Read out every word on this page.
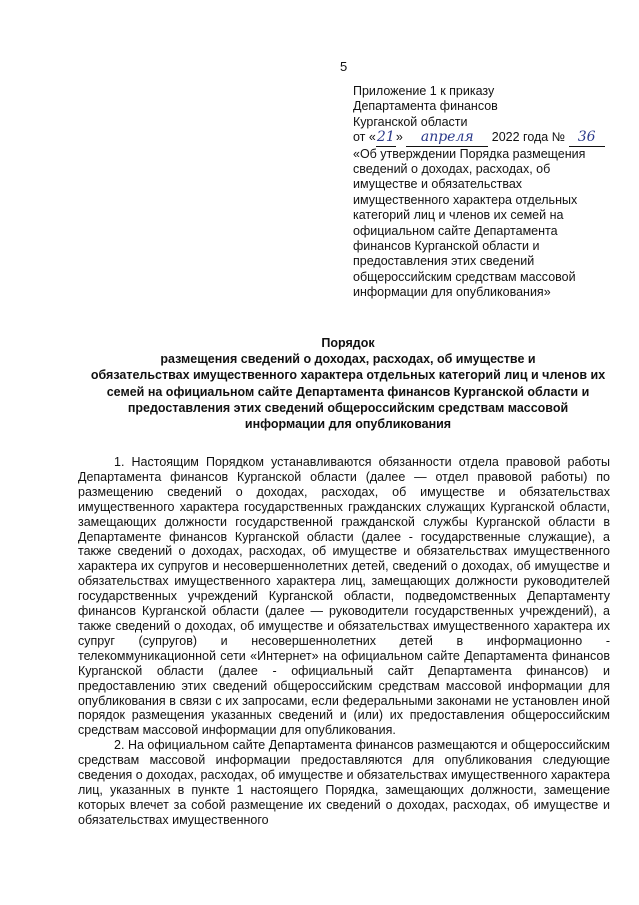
5
Приложение 1 к приказу
Департамента финансов
Курганской области
от «21» апреля 2022 года № 36
«Об утверждении Порядка размещения
сведений о доходах, расходах, об
имуществе и обязательствах
имущественного характера отдельных
категорий лиц и членов их семей на
официальном сайте Департамента
финансов Курганской области и
предоставления этих сведений
общероссийским средствам массовой
информации для опубликования»
Порядок
размещения сведений о доходах, расходах, об имуществе и
обязательствах имущественного характера отдельных категорий лиц и членов их
семей на официальном сайте Департамента финансов Курганской области и
предоставления этих сведений общероссийским средствам массовой
информации для опубликования

1. Настоящим Порядком устанавливаются обязанности отдела правовой работы Департамента финансов Курганской области (далее — отдел правовой работы) по размещению сведений о доходах, расходах, об имуществе и обязательствах имущественного характера государственных гражданских служащих Курганской области, замещающих должности государственной гражданской службы Курганской области в Департаменте финансов Курганской области (далее - государственные служащие), а также сведений о доходах, расходах, об имуществе и обязательствах имущественного характера их супругов и несовершеннолетних детей, сведений о доходах, об имуществе и обязательствах имущественного характера лиц, замещающих должности руководителей государственных учреждений Курганской области, подведомственных Департаменту финансов Курганской области (далее — руководители государственных учреждений), а также сведений о доходах, об имуществе и обязательствах имущественного характера их супруг (супругов) и несовершеннолетних детей в информационно - телекоммуникационной сети «Интернет» на официальном сайте Департамента финансов Курганской области (далее - официальный сайт Департамента финансов) и предоставлению этих сведений общероссийским средствам массовой информации для опубликования в связи с их запросами, если федеральными законами не установлен иной порядок размещения указанных сведений и (или) их предоставления общероссийским средствам массовой информации для опубликования.

2. На официальном сайте Департамента финансов размещаются и общероссийским средствам массовой информации предоставляются для опубликования следующие сведения о доходах, расходах, об имуществе и обязательствах имущественного характера лиц, указанных в пункте 1 настоящего Порядка, замещающих должности, замещение которых влечет за собой размещение их сведений о доходах, расходах, об имуществе и обязательствах имущественного
